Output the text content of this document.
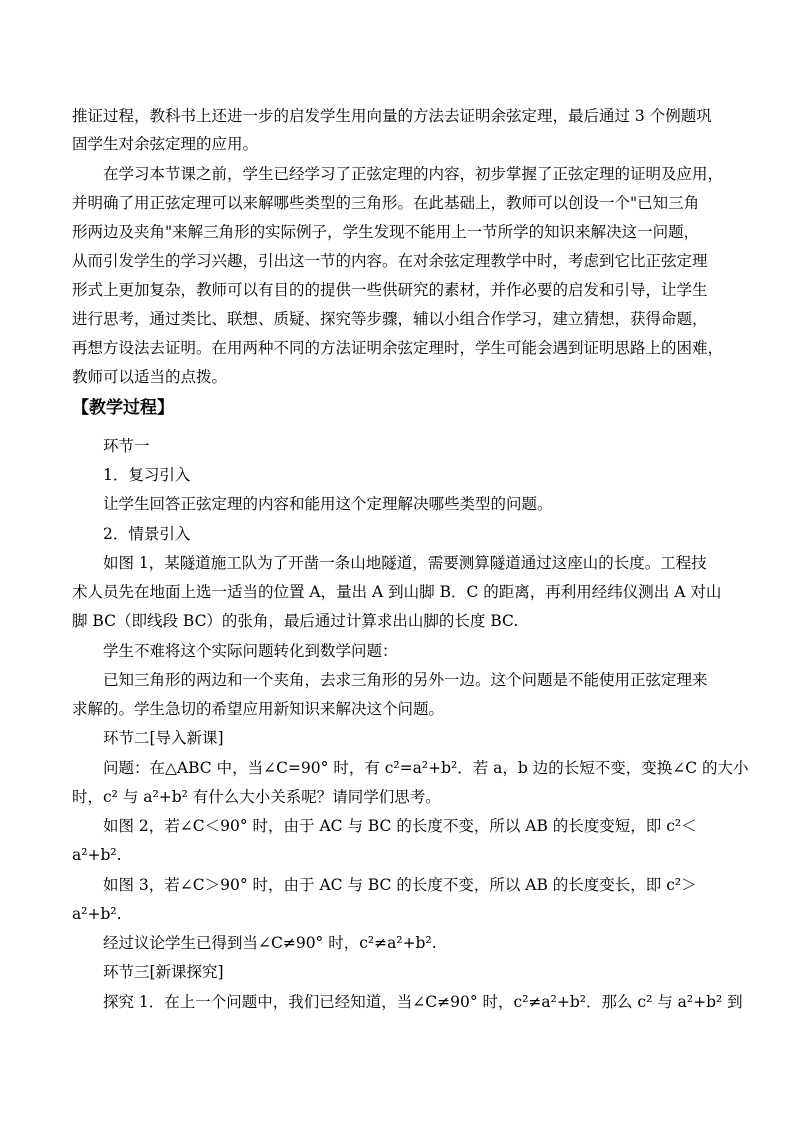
推证过程，教科书上还进一步的启发学生用向量的方法去证明余弦定理，最后通过 3 个例题巩
固学生对余弦定理的应用。
在学习本节课之前，学生已经学习了正弦定理的内容，初步掌握了正弦定理的证明及应用，
并明确了用正弦定理可以来解哪些类型的三角形。在此基础上，教师可以创设一个"已知三角
形两边及夹角"来解三角形的实际例子，学生发现不能用上一节所学的知识来解决这一问题，
从而引发学生的学习兴趣，引出这一节的内容。在对余弦定理教学中时，考虑到它比正弦定理
形式上更加复杂，教师可以有目的的提供一些供研究的素材，并作必要的启发和引导，让学生
进行思考，通过类比、联想、质疑、探究等步骤，辅以小组合作学习，建立猜想，获得命题，
再想方设法去证明。在用两种不同的方法证明余弦定理时，学生可能会遇到证明思路上的困难，
教师可以适当的点拨。
【教学过程】
环节一
1．复习引入
让学生回答正弦定理的内容和能用这个定理解决哪些类型的问题。
2．情景引入
如图 1，某隧道施工队为了开凿一条山地隧道，需要测算隧道通过这座山的长度。工程技
术人员先在地面上选一适当的位置 A，量出 A 到山脚 B．C 的距离，再利用经纬仪测出 A 对山
脚 BC（即线段 BC）的张角，最后通过计算求出山脚的长度 BC.
学生不难将这个实际问题转化到数学问题：
已知三角形的两边和一个夹角，去求三角形的另外一边。这个问题是不能使用正弦定理来
求解的。学生急切的希望应用新知识来解决这个问题。
环节二[导入新课]
问题：在△ABC 中，当∠C=90° 时，有 c²=a²+b²．若 a，b 边的长短不变，变换∠C 的大小
时，c² 与 a²+b² 有什么大小关系呢？请同学们思考。
如图 2，若∠C＜90° 时，由于 AC 与 BC 的长度不变，所以 AB 的长度变短，即 c²＜
a²+b².
如图 3，若∠C＞90° 时，由于 AC 与 BC 的长度不变，所以 AB 的长度变长，即 c²＞
a²+b².
经过议论学生已得到当∠C≠90° 时，c²≠a²+b².
环节三[新课探究]
探究 1．在上一个问题中，我们已经知道，当∠C≠90° 时，c²≠a²+b²．那么 c² 与 a²+b² 到
